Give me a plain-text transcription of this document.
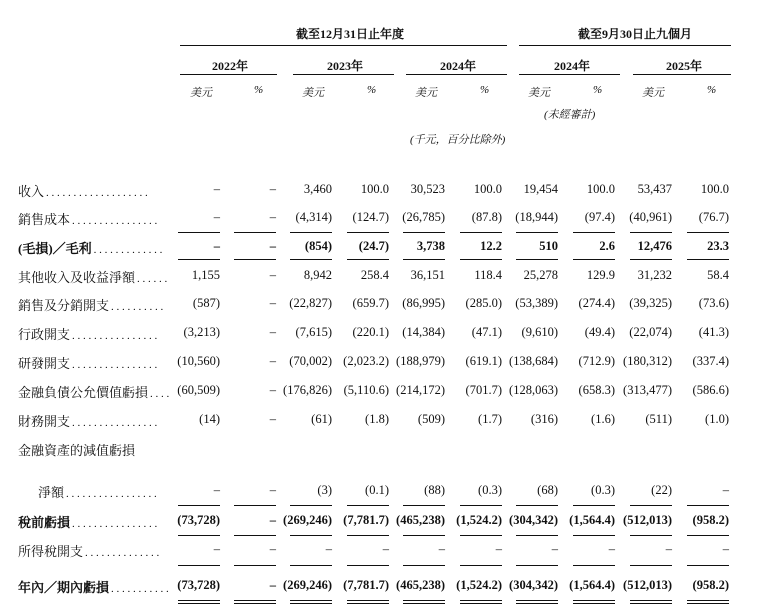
截至12月31日止年度	截至9月30日止九個月
2022年
美元	%
2023年
美元	%
2024年
美元	%
2024年
美元	%
2025年
美元	%
(未經審計)
(千元，百分比除外)
收入 . . . . . . . . . . . . . . . . . . .	–	–	3,460	100.0	30,523	100.0	19,454	100.0	53,437	100.0
銷售成本 . . . . . . . . . . . . . . . .	–	–	(4,314)	(124.7)	(26,785)	(87.8)	(18,944)	(97.4)	(40,961)	(76.7)
(毛損)／毛利 . . . . . . . . . . . . .	–	–	(854)	(24.7)	3,738	12.2	510	2.6	12,476	23.3
其他收入及收益淨額 . . . . . .	1,155	–	8,942	258.4	36,151	118.4	25,278	129.9	31,232	58.4
銷售及分銷開支 . . . . . . . . . .	(587)	–	(22,827)	(659.7)	(86,995)	(285.0)	(53,389)	(274.4)	(39,325)	(73.6)
行政開支 . . . . . . . . . . . . . . . .	(3,213)	–	(7,615)	(220.1)	(14,384)	(47.1)	(9,610)	(49.4)	(22,074)	(41.3)
研發開支 . . . . . . . . . . . . . . . .	(10,560)	–	(70,002) (2,023.2) (188,979)	(619.1) (138,684)	(712.9) (180,312)	(337.4)
金融負債公允價值虧損 . . . . (60,509)	– (176,826) (5,110.6) (214,172)	(701.7) (128,063)	(658.3) (313,477)	(586.6)
財務開支 . . . . . . . . . . . . . . . .	(14)	–	(61)	(1.8)	(509)	(1.7)	(316)	(1.6)	(511)	(1.0)
金融資產的減值虧損
淨額 . . . . . . . . . . . . . . . . .	–	–	(3)	(0.1)	(88)	(0.3)	(68)	(0.3)	(22)	–
稅前虧損 . . . . . . . . . . . . . . . .	(73,728)	– (269,246) (7,781.7) (465,238) (1,524.2) (304,342) (1,564.4) (512,013)	(958.2)
所得稅開支 . . . . . . . . . . . . . .	–	–	–	–	–	–	–	–	–	–
年內／期內虧損 . . . . . . . . . . . (73,728)	– (269,246) (7,781.7) (465,238) (1,524.2) (304,342) (1,564.4) (512,013)	(958.2)
